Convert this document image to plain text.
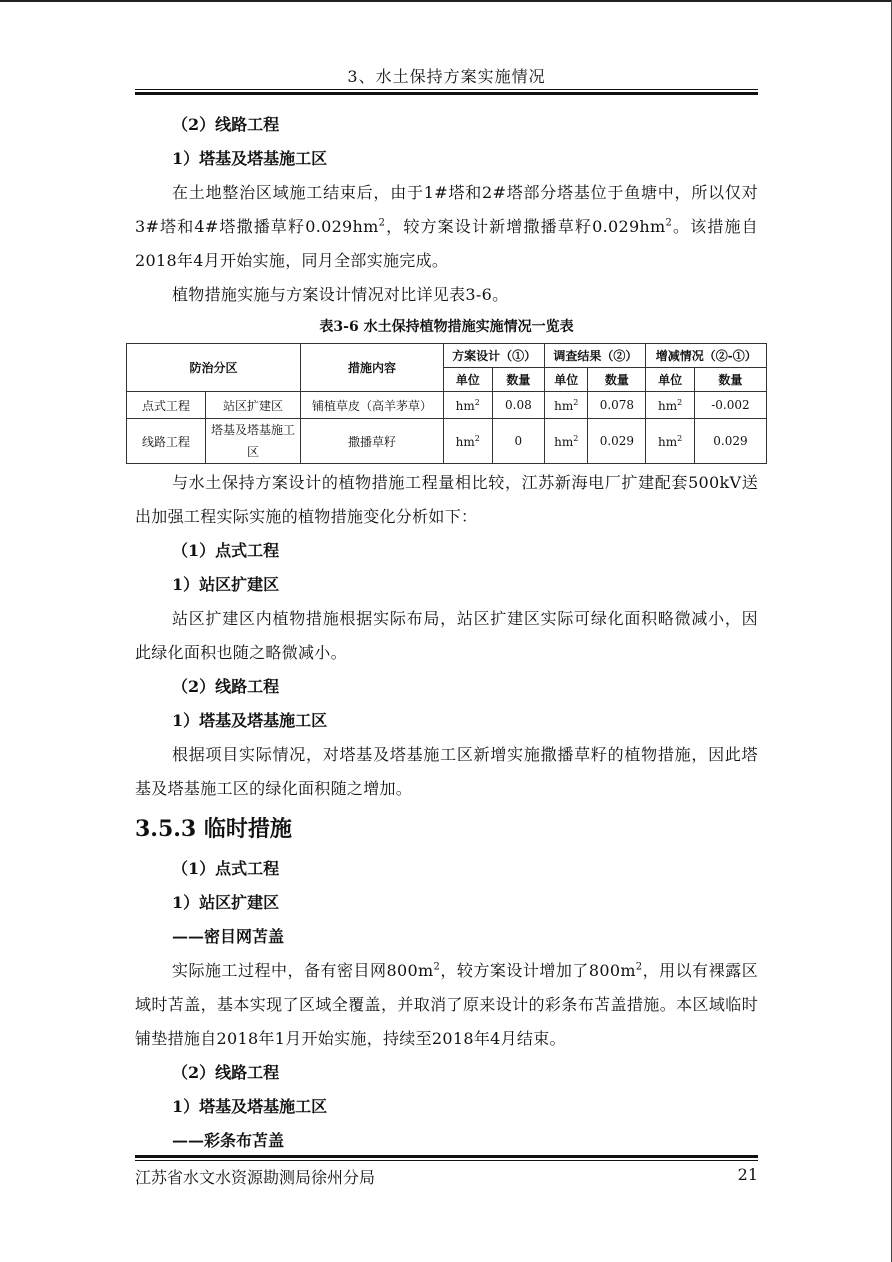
3、水土保持方案实施情况

（2）线路工程

1）塔基及塔基施工区

在土地整治区域施工结束后，由于1#塔和2#塔部分塔基位于鱼塘中，所以仅对3#塔和4#塔撒播草籽$0.029hm^2$，较方案设计新增撒播草籽$0.029hm^2$。该措施自2018年4月开始实施，同月全部实施完成。

植物措施实施与方案设计情况对比详见表3-6。

表3-6 水土保持植物措施实施情况一览表

防治分区		措施内容	方案设计（①）		调查结果（②）		增减情况（②-①）	
			单位	数量	单位	数量	单位	数量
点式工程	站区扩建区	铺植草皮（高羊茅草）	$hm^2$	0.08	$hm^2$	0.078	$hm^2$	-0.002
线路工程	塔基及塔基施工区	撒播草籽	$hm^2$	0	$hm^2$	0.029	$hm^2$	0.029

与水土保持方案设计的植物措施工程量相比较，江苏新海电厂扩建配套500kV送出加强工程实际实施的植物措施变化分析如下：

（1）点式工程

1）站区扩建区

站区扩建区内植物措施根据实际布局，站区扩建区实际可绿化面积略微减小，因此绿化面积也随之略微减小。

（2）线路工程

1）塔基及塔基施工区

根据项目实际情况，对塔基及塔基施工区新增实施撒播草籽的植物措施，因此塔基及塔基施工区的绿化面积随之增加。

3.5.3 临时措施

（1）点式工程

1）站区扩建区

——密目网苫盖

实际施工过程中，备有密目网$800m^2$，较方案设计增加了$800m^2$，用以有裸露区域时苫盖，基本实现了区域全覆盖，并取消了原来设计的彩条布苫盖措施。本区域临时铺垫措施自2018年1月开始实施，持续至2018年4月结束。

（2）线路工程

1）塔基及塔基施工区

——彩条布苫盖

江苏省水文水资源勘测局徐州分局	21
